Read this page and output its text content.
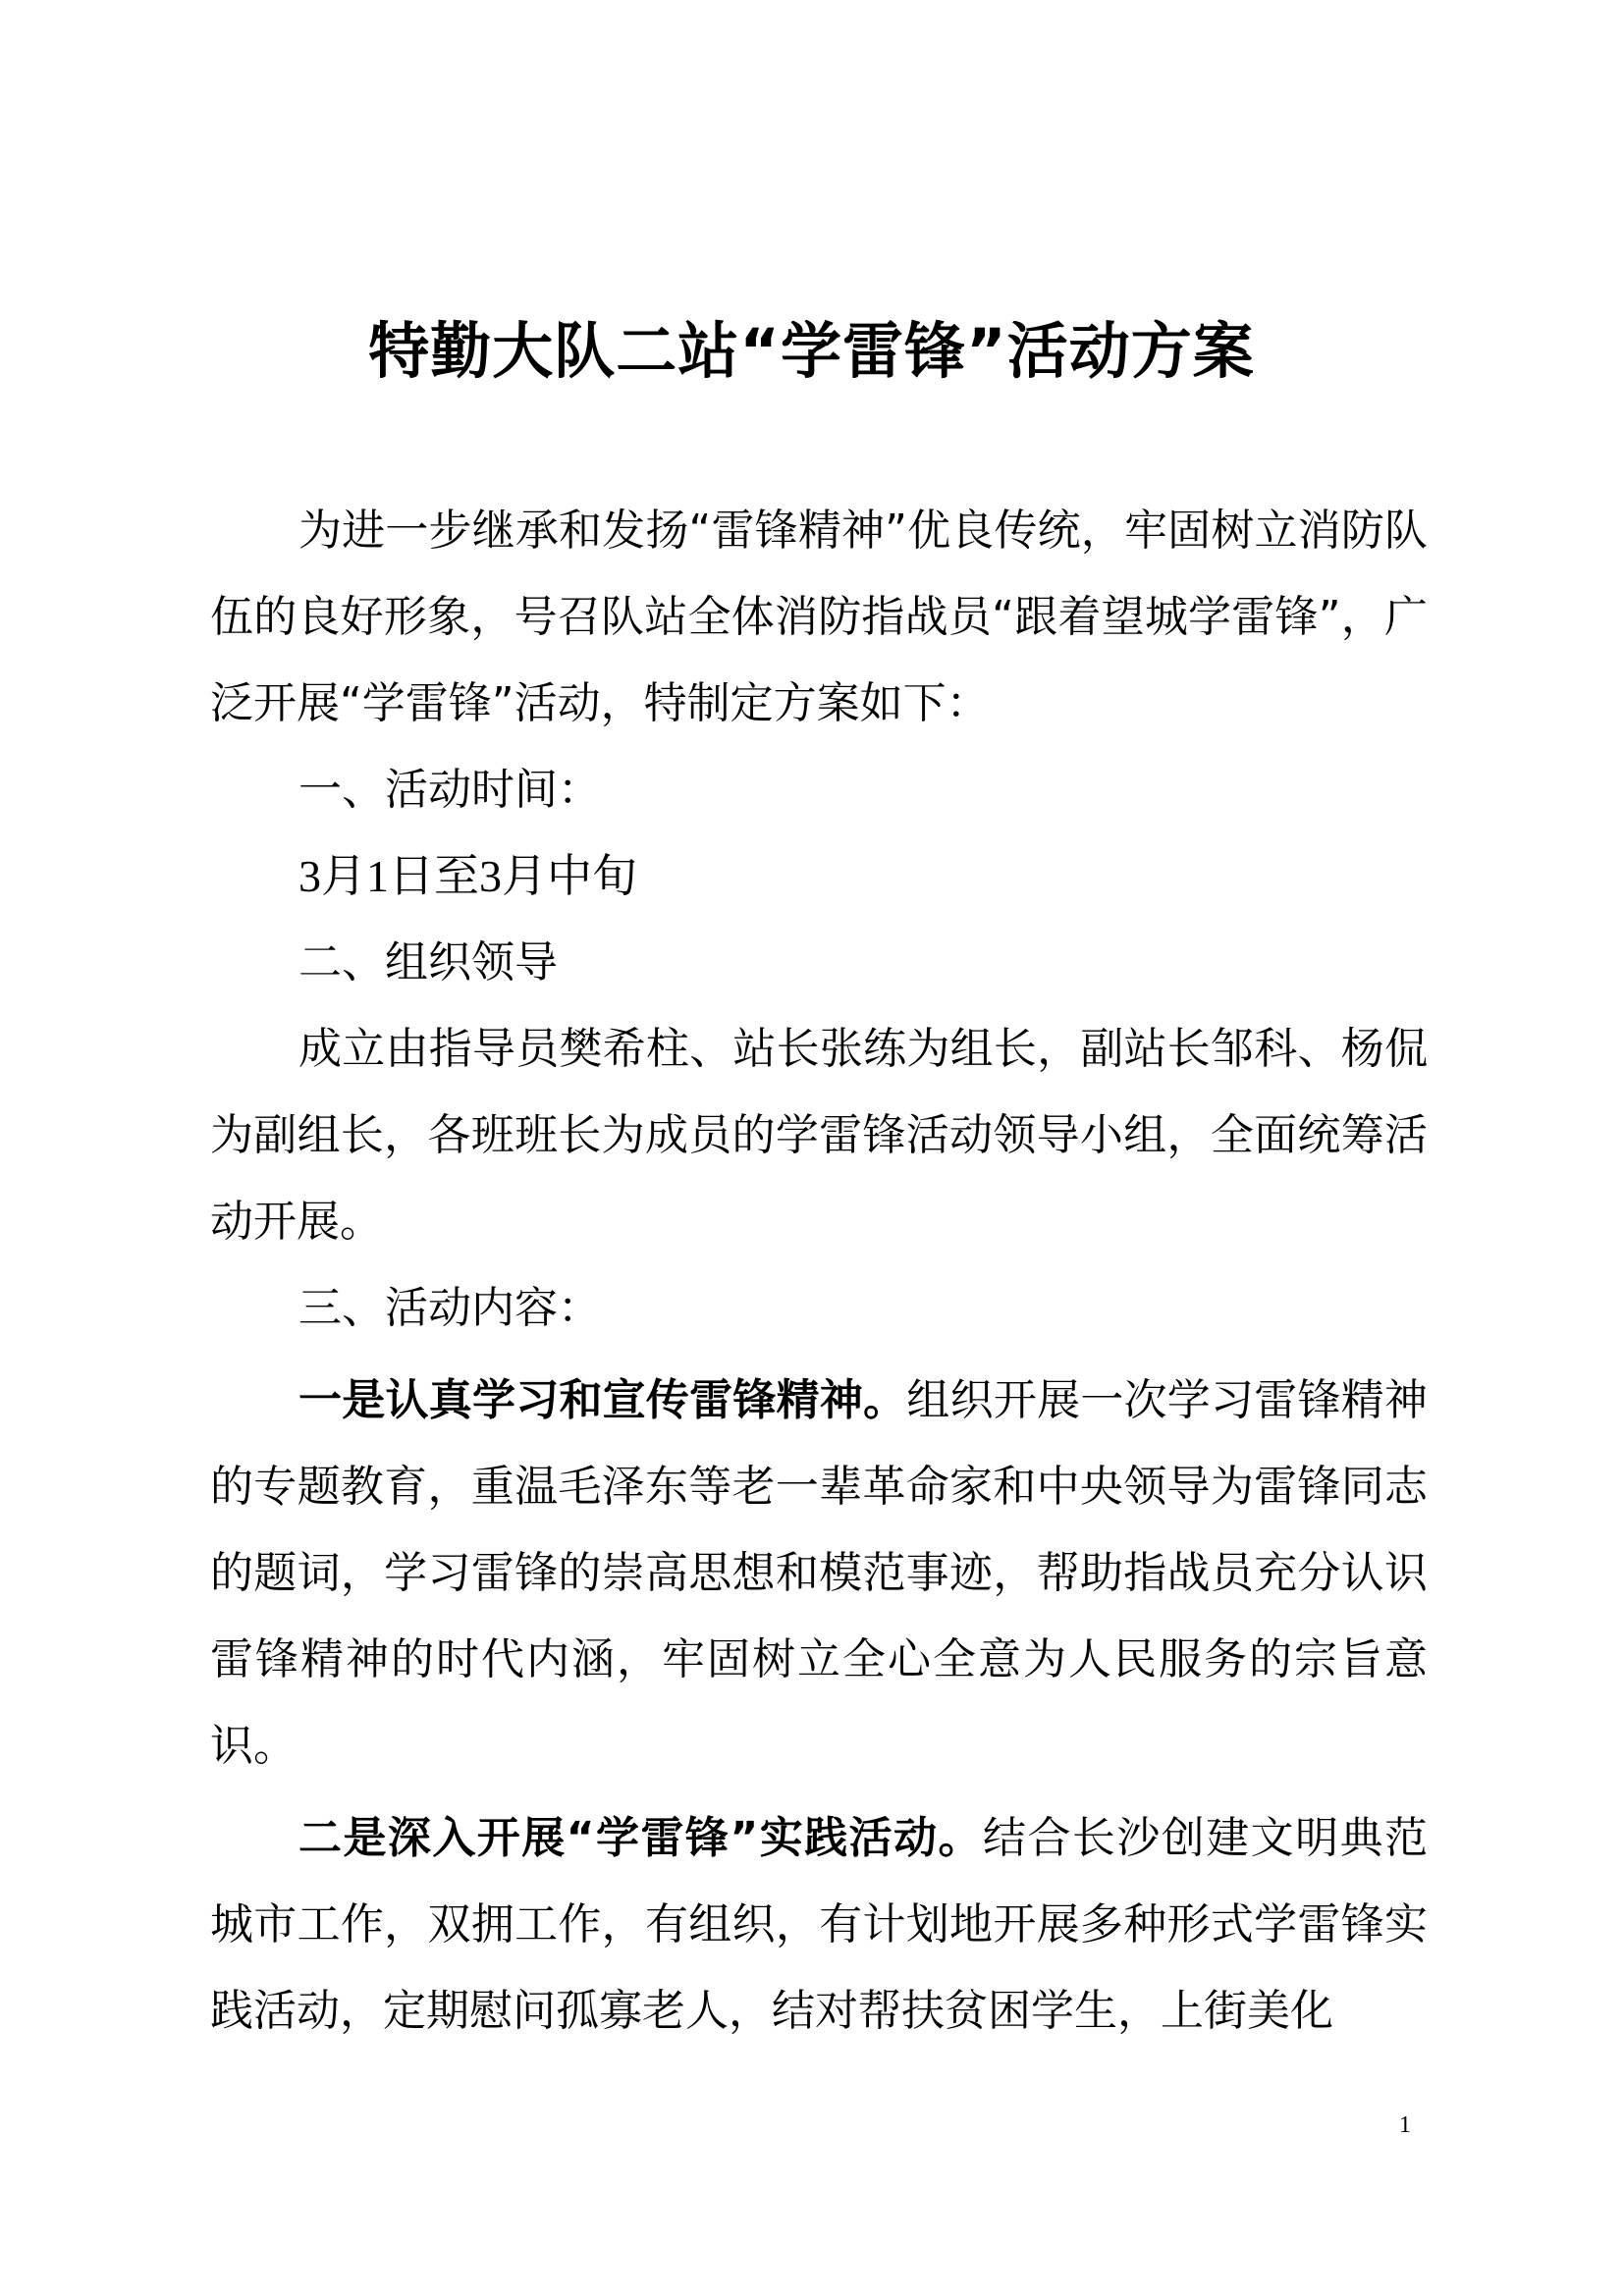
特勤大队二站“学雷锋”活动方案

为进一步继承和发扬“雷锋精神”优良传统，牢固树立消防队伍的良好形象，号召队站全体消防指战员“跟着望城学雷锋”，广泛开展“学雷锋”活动，特制定方案如下：

一、活动时间：

3月1日至3月中旬

二、组织领导

成立由指导员樊希柱、站长张练为组长，副站长邹科、杨侃为副组长，各班班长为成员的学雷锋活动领导小组，全面统筹活动开展。

三、活动内容：

一是认真学习和宣传雷锋精神。组织开展一次学习雷锋精神的专题教育，重温毛泽东等老一辈革命家和中央领导为雷锋同志的题词，学习雷锋的崇高思想和模范事迹，帮助指战员充分认识雷锋精神的时代内涵，牢固树立全心全意为人民服务的宗旨意识。

二是深入开展“学雷锋”实践活动。结合长沙创建文明典范城市工作，双拥工作，有组织，有计划地开展多种形式学雷锋实践活动，定期慰问孤寡老人，结对帮扶贫困学生，上街美化

1
